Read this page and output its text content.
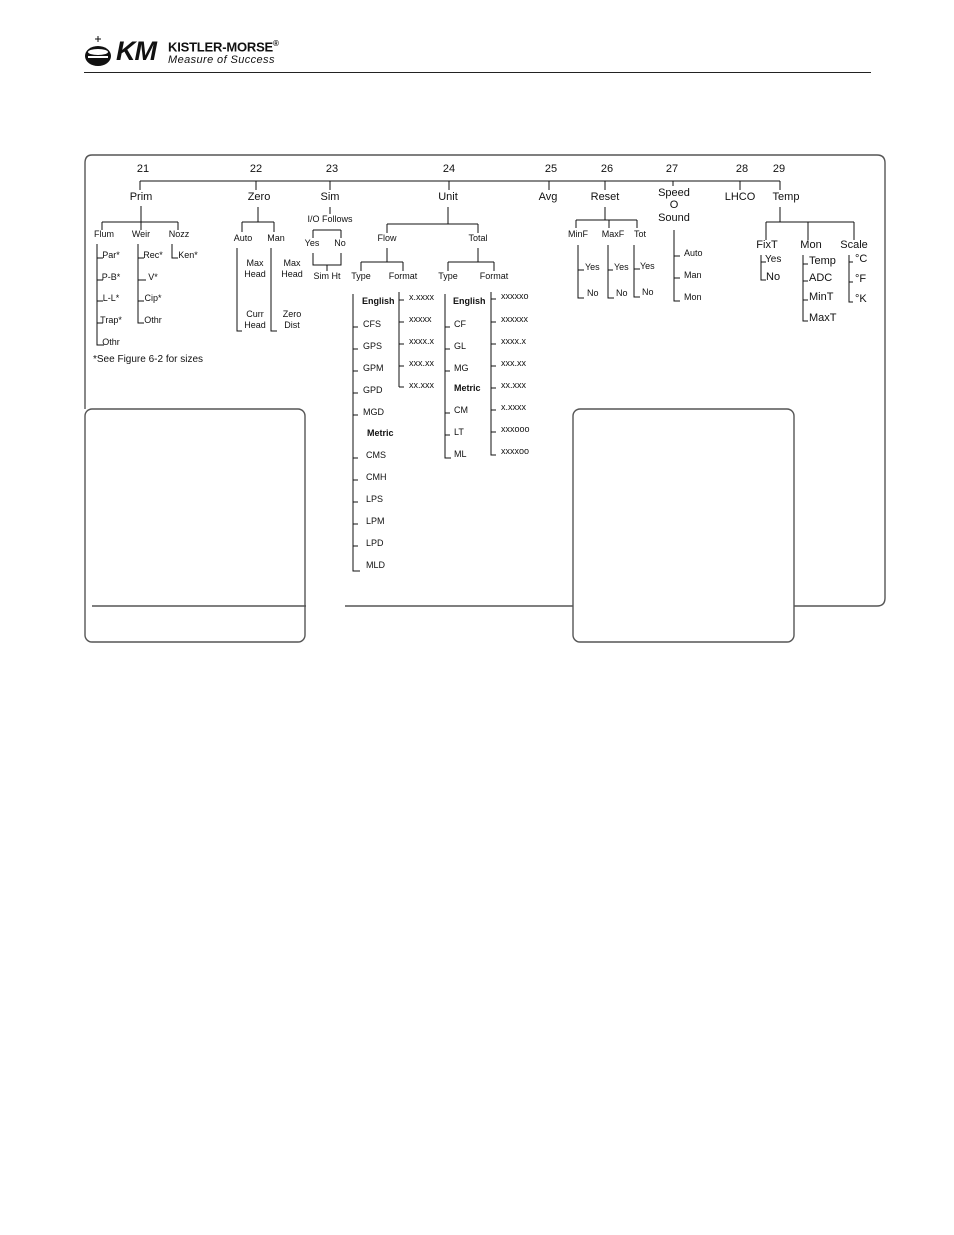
KM KISTLER-MORSE®
Measure of Success
21	22	23	24	25	26	27	28 29
Prim	Zero	Sim	Unit	Avg	Reset	Speed
O
Sound
LHCO Temp
Flum Weir Nozz
Par*
P-B*
L-L*
Trap*
Othr
Rec*
V*
Cip*
Othr
Ken*
*See Figure 6-2 for sizes
Auto Man
Max
Head
Max
Head
Curr
Head
Zero
Dist
I/O Follows
Yes No
Sim Ht
Flow	Total
Type Format Type Format
English
CFS
GPS
GPM
GPD
MGD
Metric
CMS
CMH
LPS
LPM
LPD
MLD
x.xxxx
xxxxx
xxxx.x
xxx.xx
xx.xxx
English
CF
GL
MG
Metric
CM
LT
ML
xxxxxo
xxxxxx
xxxx.x
xxx.xx
xx.xxx
x.xxxx
xxxooo
xxxxoo
MinF MaxF Tot
Yes
No
Yes
No
Yes
No
Auto
Man
Mon
FixT Mon Scale
Yes
No
Temp
ADC
MinT
MaxT
°C
°F
°K
